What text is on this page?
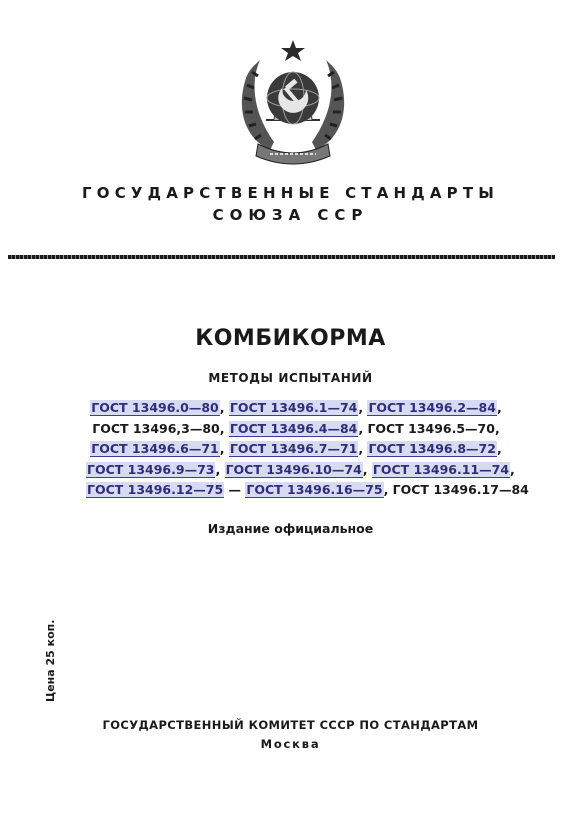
ГОСУДАРСТВЕННЫЕ СТАНДАРТЫ
СОЮЗА ССР
КОМБИКОРМА
МЕТОДЫ ИСПЫТАНИЙ
ГОСТ 13496.0—80, ГОСТ 13496.1—74, ГОСТ 13496.2—84,
ГОСТ 13496,3—80, ГОСТ 13496.4—84, ГОСТ 13496.5—70,
ГОСТ 13496.6—71, ГОСТ 13496.7—71, ГОСТ 13496.8—72,
ГОСТ 13496.9—73, ГОСТ 13496.10—74, ГОСТ 13496.11—74,
ГОСТ 13496.12—75 — ГОСТ 13496.16—75, ГОСТ 13496.17—84
Издание официальное
Цена 25 коп.
ГОСУДАРСТВЕННЫЙ КОМИТЕТ СССР ПО СТАНДАРТАМ
Москва
